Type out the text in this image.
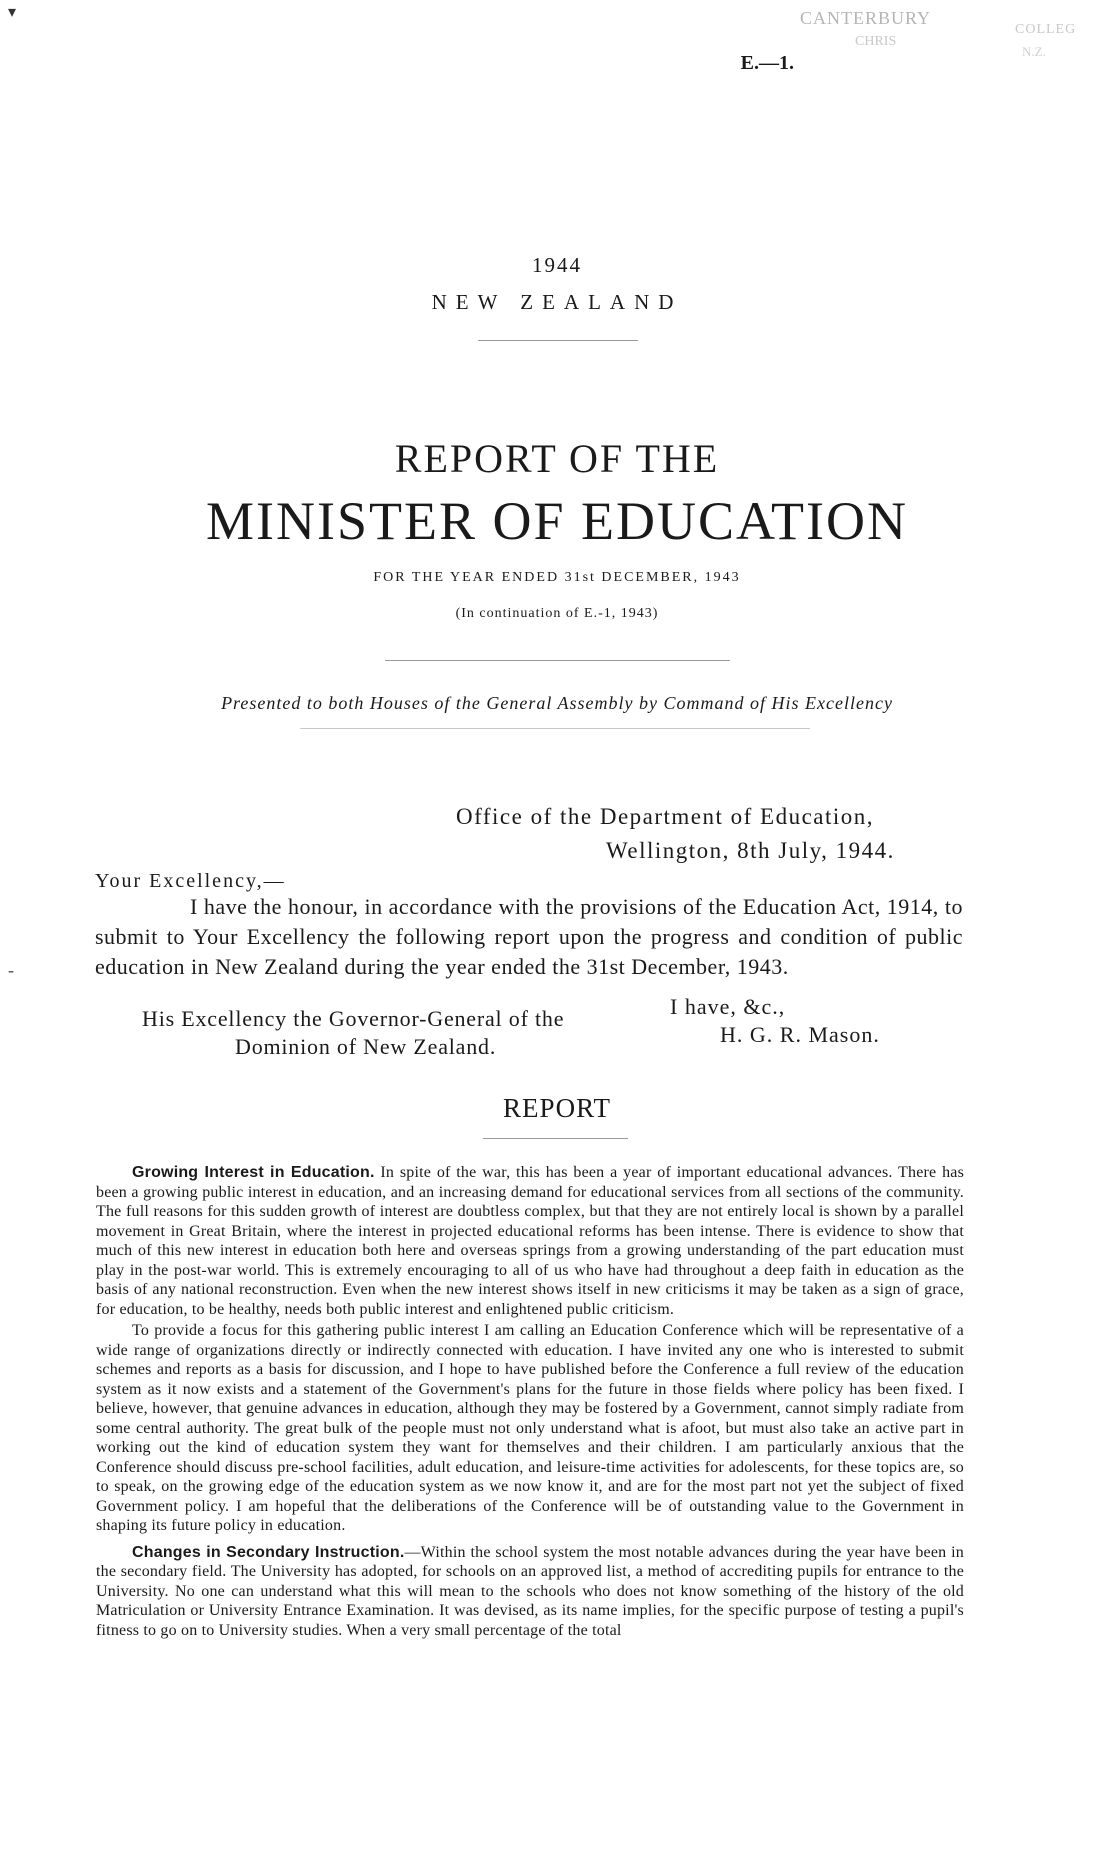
▾	CANTERBURY
CHRIS
COLLEG
N.Z.
E.—1.
-
1944
NEW ZEALAND
REPORT OF THE
MINISTER OF EDUCATION
FOR THE YEAR ENDED 31st DECEMBER, 1943
(In continuation of E.-1, 1943)
Presented to both Houses of the General Assembly by Command of His Excellency
Office of the Department of Education,
Wellington, 8th July, 1944.
Your Excellency,—

I have the honour, in accordance with the provisions of the Education Act, 1914, to submit to Your Excellency the following report upon the progress and condition of public education in New Zealand during the year ended the 31st December, 1943.

I have, &c.,
H. G. R. Mason.
His Excellency the Governor-General of the
Dominion of New Zealand.
REPORT

Growing Interest in Education. In spite of the war, this has been a year of important educational advances. There has been a growing public interest in education, and an increasing demand for educational services from all sections of the community. The full reasons for this sudden growth of interest are doubtless complex, but that they are not entirely local is shown by a parallel movement in Great Britain, where the interest in projected educational reforms has been intense. There is evidence to show that much of this new interest in education both here and overseas springs from a growing understanding of the part education must play in the post-war world. This is extremely encouraging to all of us who have had throughout a deep faith in education as the basis of any national reconstruction. Even when the new interest shows itself in new criticisms it may be taken as a sign of grace, for education, to be healthy, needs both public interest and enlightened public criticism.

To provide a focus for this gathering public interest I am calling an Education Conference which will be representative of a wide range of organizations directly or indirectly connected with education. I have invited any one who is interested to submit schemes and reports as a basis for discussion, and I hope to have published before the Conference a full review of the education system as it now exists and a statement of the Government's plans for the future in those fields where policy has been fixed. I believe, however, that genuine advances in education, although they may be fostered by a Government, cannot simply radiate from some central authority. The great bulk of the people must not only understand what is afoot, but must also take an active part in working out the kind of education system they want for themselves and their children. I am particularly anxious that the Conference should discuss pre-school facilities, adult education, and leisure-time activities for adolescents, for these topics are, so to speak, on the growing edge of the education system as we now know it, and are for the most part not yet the subject of fixed Government policy. I am hopeful that the deliberations of the Conference will be of outstanding value to the Government in shaping its future policy in education.

Changes in Secondary Instruction.—Within the school system the most notable advances during the year have been in the secondary field. The University has adopted, for schools on an approved list, a method of accrediting pupils for entrance to the University. No one can understand what this will mean to the schools who does not know something of the history of the old Matriculation or University Entrance Examination. It was devised, as its name implies, for the specific purpose of testing a pupil's fitness to go on to University studies. When a very small percentage of the total
